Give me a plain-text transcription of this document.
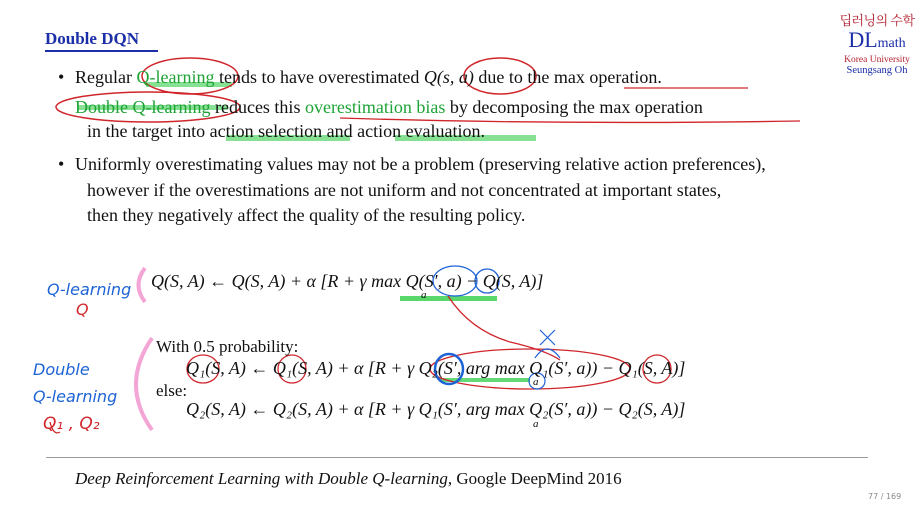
Double DQN
딥러닝의 수학
DLmath
Korea University
Seungsang Oh
• Regular Q-learning tends to have overestimated Q(s, a) due to the max operation.
Double Q-learning reduces this overestimation bias by decomposing the max operation
in the target into action selection and action evaluation.
• Uniformly overestimating values may not be a problem (preserving relative action preferences),
however if the overestimations are not uniform and not concentrated at important states,
then they negatively affect the quality of the resulting policy.
Q(S, A) ← Q(S, A) + α [R + γ max Q(S′, a) − Q(S, A)]
a
With 0.5 probability:
Q₁(S, A) ← Q₁(S, A) + α [R + γ Q₂(S′, arg max Q₁(S′, a)) − Q₁(S, A)]
a
else:
Q₂(S, A) ← Q₂(S, A) + α [R + γ Q₁(S′, arg max Q₂(S′, a)) − Q₂(S, A)]
a
Q-learning
Q
Double
Q-learning
Q₁ , Q₂
Deep Reinforcement Learning with Double Q-learning, Google DeepMind 2016
77 / 169
